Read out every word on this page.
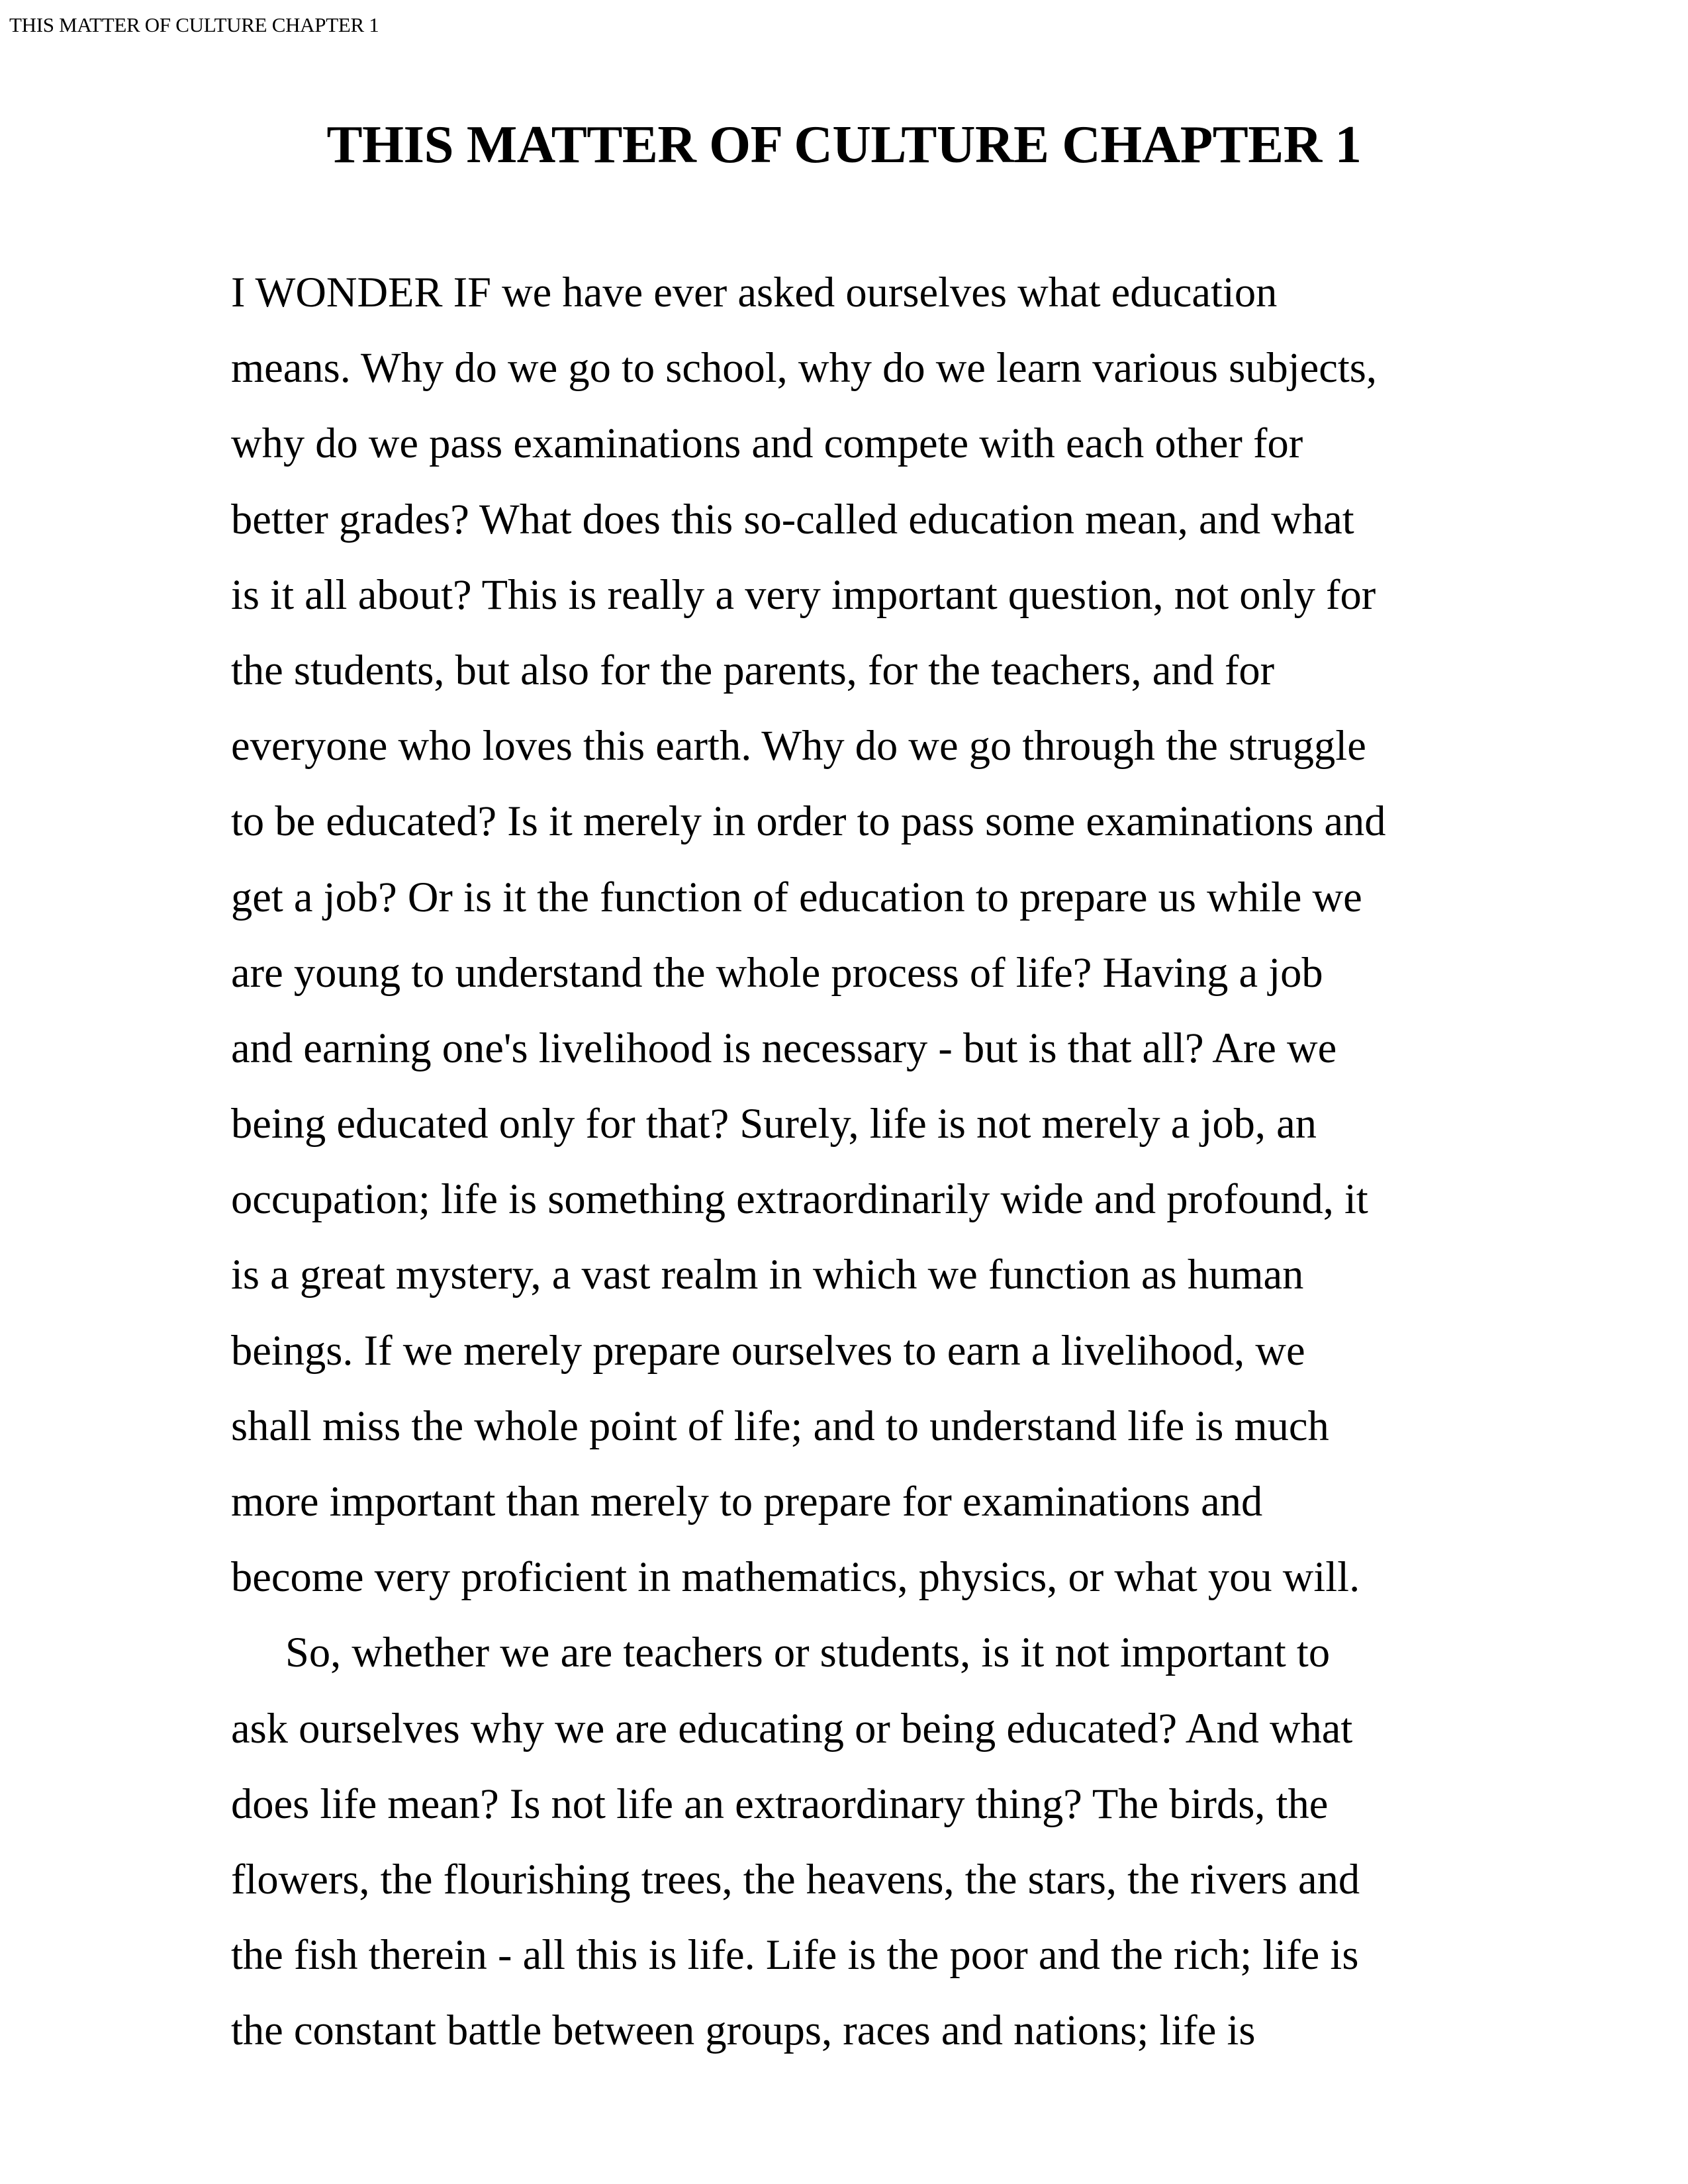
THIS MATTER OF CULTURE CHAPTER 1
THIS MATTER OF CULTURE CHAPTER 1
I WONDER IF we have ever asked ourselves what education
means. Why do we go to school, why do we learn various subjects,
why do we pass examinations and compete with each other for
better grades? What does this so-called education mean, and what
is it all about? This is really a very important question, not only for
the students, but also for the parents, for the teachers, and for
everyone who loves this earth. Why do we go through the struggle
to be educated? Is it merely in order to pass some examinations and
get a job? Or is it the function of education to prepare us while we
are young to understand the whole process of life? Having a job
and earning one's livelihood is necessary - but is that all? Are we
being educated only for that? Surely, life is not merely a job, an
occupation; life is something extraordinarily wide and profound, it
is a great mystery, a vast realm in which we function as human
beings. If we merely prepare ourselves to earn a livelihood, we
shall miss the whole point of life; and to understand life is much
more important than merely to prepare for examinations and
become very proficient in mathematics, physics, or what you will.
So, whether we are teachers or students, is it not important to
ask ourselves why we are educating or being educated? And what
does life mean? Is not life an extraordinary thing? The birds, the
flowers, the flourishing trees, the heavens, the stars, the rivers and
the fish therein - all this is life. Life is the poor and the rich; life is
the constant battle between groups, races and nations; life is
